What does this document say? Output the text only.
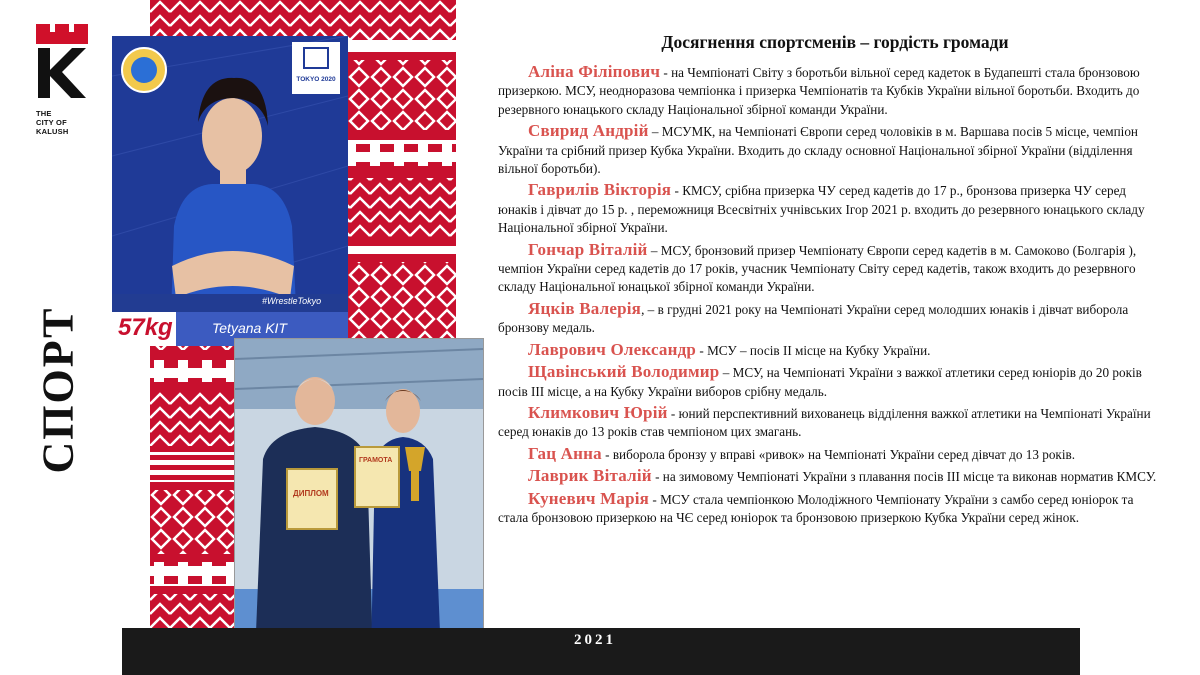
THE
CITY OF
KALUSH
СПОРТ
TOKYO 2020
#WrestleTokyo
57kg	Tetyana KIT
ДИПЛОМ
ГРАМОТА
2021
Досягнення спортсменів – гордість громади

Аліна Філіпович - на Чемпіонаті Світу з боротьби вільної серед кадеток в Будапешті стала бронзовою призеркою. МСУ, неодноразова чемпіонка і призерка Чемпіонатів та Кубків України вільної боротьби. Входить до резервного юнацького складу Національної збірної команди України.

Свирид Андрій – МСУМК, на Чемпіонаті Європи серед чоловіків в м. Варшава посів 5 місце, чемпіон України та срібний призер Кубка України. Входить до складу основної Національної збірної України (відділення вільної боротьби).

Гаврилів Вікторія - КМСУ, срібна призерка ЧУ серед кадетів до 17 р., бронзова призерка ЧУ серед юнаків і дівчат до 15 р. , переможниця Всесвітніх учнівських Ігор 2021 р. входить до резервного юнацького складу Національної збірної України.

Гончар Віталій – МСУ, бронзовий призер Чемпіонату Європи серед кадетів в м. Самоково (Болгарія ), чемпіон України серед кадетів до 17 років, учасник Чемпіонату Світу серед кадетів, також входить до резервного складу Національної юнацької збірної команди України.

Яцків Валерія, – в грудні 2021 року на Чемпіонаті України серед молодших юнаків і дівчат виборола бронзову медаль.

Лаврович Олександр - МСУ – посів ІІ місце на Кубку України.

Щавінський Володимир – МСУ, на Чемпіонаті України з важкої атлетики серед юніорів до 20 років посів ІІІ місце, а на Кубку України виборов срібну медаль.

Климкович Юрій - юний перспективний вихованець відділення важкої атлетики на Чемпіонаті України серед юнаків до 13 років став чемпіоном цих змагань.

Гац Анна - виборола бронзу у вправі «ривок» на Чемпіонаті України серед дівчат до 13 років.

Лаврик Віталій - на зимовому Чемпіонаті України з плавання посів ІІІ місце та виконав норматив КМСУ.

Куневич Марія - МСУ стала чемпіонкою Молодіжного Чемпіонату України з самбо серед юніорок та стала бронзовою призеркою на ЧЄ серед юніорок та бронзовою призеркою Кубка України серед жінок.
